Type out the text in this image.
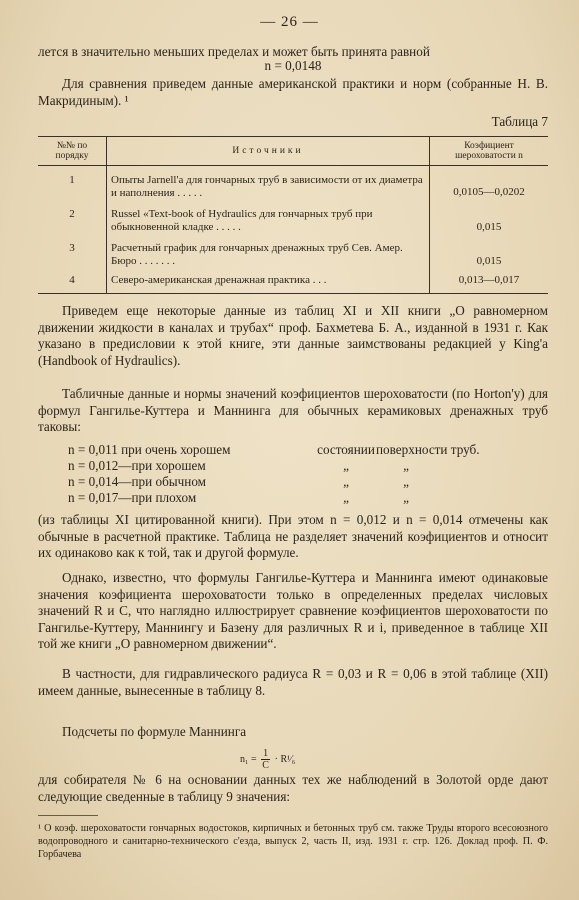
— 26 —
лется в значительно меньших пределах и может быть принята равной
n = 0,0148
Для сравнения приведем данные американской практики и норм (собранные Н. В. Макридиным). ¹
Таблица 7
№№ по порядку	Источники	Коэфициент шероховатости n
1	Опыты Jarnell'a для гончарных труб в зависимости от их диаметра и наполнения . . . . .	0,0105—0,0202
2	Russel «Text-book of Hydraulics для гончарных труб при обыкновенной кладке . . . . .	0,015
3	Расчетный график для гончарных дренажных труб Сев. Амер. Бюро . . . . . . .	0,015
4	Северо-американская дренажная практика . . .	0,013—0,017
Приведем еще некоторые данные из таблиц XI и XII книги „О равномерном движении жидкости в каналах и трубах“ проф. Бахметева Б. А., изданной в 1931 г. Как указано в предисловии к этой книге, эти данные заимствованы редакцией у King'a (Handbook of Hydraulics).
Табличные данные и нормы значений коэфициентов шероховатости (по Horton'у) для формул Гангилье-Куттера и Маннинга для обычных керамиковых дренажных труб таковы:
n = 0,011 при очень хорошем	состоянии поверхности труб.
n = 0,012—при хорошем	„	„
n = 0,014—при обычном	„	„
n = 0,017—при плохом	„	„
(из таблицы XI цитированной книги). При этом n = 0,012 и n = 0,014 отмечены как обычные в расчетной практике. Таблица не разделяет значений коэфициентов и относит их одинаково как к той, так и другой формуле.
Однако, известно, что формулы Гангилье-Куттера и Маннинга имеют одинаковые значения коэфициента шероховатости только в определенных пределах числовых значений R и C, что наглядно иллюстрирует сравнение коэфициентов шероховатости по Гангилье-Куттеру, Маннингу и Базену для различных R и i, приведенное в таблице XII той же книги „О равномерном движении“.
В частности, для гидравлического радиуса R = 0,03 и R = 0,06 в этой таблице (XII) имеем данные, вынесенные в таблицу 8.
Подсчеты по формуле Маннинга
$n_1 = \frac{1}{C}$ · R¹⁄₆
для собирателя № 6 на основании данных тех же наблюдений в Золотой орде дают следующие сведенные в таблицу 9 значения:
¹ О коэф. шероховатости гончарных водостоков, кирпичных и бетонных труб см. также Труды второго всесоюзного водопроводного и санитарно-технического с'езда, выпуск 2, часть II, изд. 1931 г. стр. 126. Доклад проф. П. Ф. Горбачева
